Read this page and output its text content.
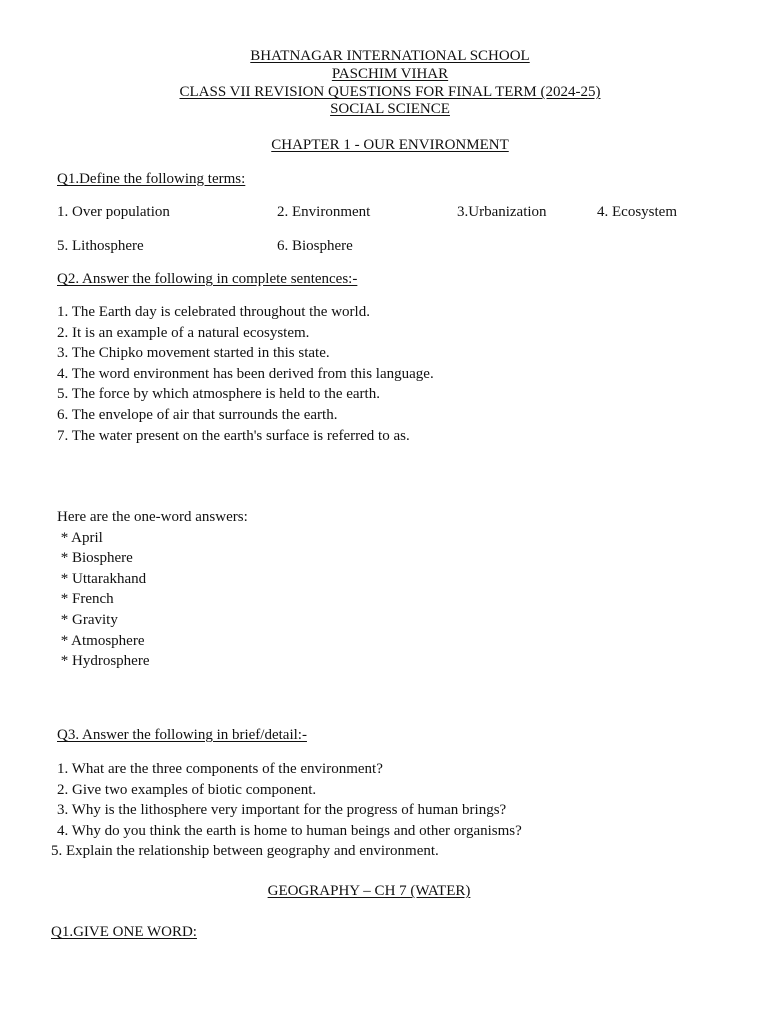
BHATNAGAR INTERNATIONAL SCHOOL
PASCHIM VIHAR
CLASS VII REVISION QUESTIONS FOR FINAL TERM (2024-25)
SOCIAL SCIENCE
CHAPTER 1 - OUR ENVIRONMENT
Q1.Define the following terms:
1. Over population	2. Environment	3.Urbanization	4. Ecosystem
5. Lithosphere	6. Biosphere
Q2. Answer the following in complete sentences:-
1. The Earth day is celebrated throughout the world.
2. It is an example of a natural ecosystem.
3. The Chipko movement started in this state.
4. The word environment has been derived from this language.
5. The force by which atmosphere is held to the earth.
6. The envelope of air that surrounds the earth.
7. The water present on the earth's surface is referred to as.
Here are the one-word answers:
* April
* Biosphere
* Uttarakhand
* French
* Gravity
* Atmosphere
* Hydrosphere
Q3. Answer the following in brief/detail:-
1. What are the three components of the environment?
2. Give two examples of biotic component.
3. Why is the lithosphere very important for the progress of human brings?
4. Why do you think the earth is home to human beings and other organisms?
5. Explain the relationship between geography and environment.
GEOGRAPHY – CH 7 (WATER)
Q1.GIVE ONE WORD:
